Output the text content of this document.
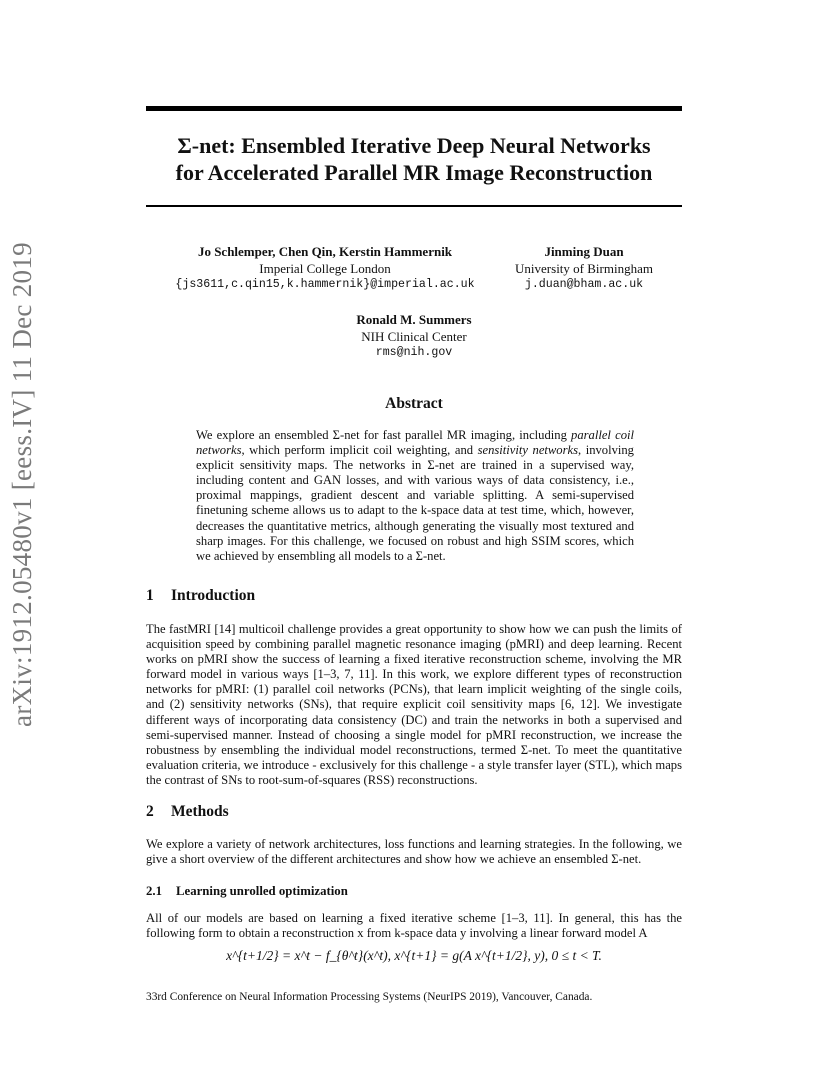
arXiv:1912.05480v1 [eess.IV] 11 Dec 2019
Σ-net: Ensembled Iterative Deep Neural Networks
for Accelerated Parallel MR Image Reconstruction
Jo Schlemper, Chen Qin, Kerstin Hammernik
Imperial College London
{js3611,c.qin15,k.hammernik}@imperial.ac.uk
Jinming Duan
University of Birmingham
j.duan@bham.ac.uk
Ronald M. Summers
NIH Clinical Center
rms@nih.gov
Abstract
We explore an ensembled Σ-net for fast parallel MR imaging, including parallel coil networks, which perform implicit coil weighting, and sensitivity networks, involving explicit sensitivity maps. The networks in Σ-net are trained in a supervised way, including content and GAN losses, and with various ways of data consistency, i.e., proximal mappings, gradient descent and variable splitting. A semi-supervised finetuning scheme allows us to adapt to the k-space data at test time, which, however, decreases the quantitative metrics, although generating the visually most textured and sharp images. For this challenge, we focused on robust and high SSIM scores, which we achieved by ensembling all models to a Σ-net.
1 Introduction

The fastMRI [14] multicoil challenge provides a great opportunity to show how we can push the limits of acquisition speed by combining parallel magnetic resonance imaging (pMRI) and deep learning. Recent works on pMRI show the success of learning a fixed iterative reconstruction scheme, involving the MR forward model in various ways [1–3, 7, 11]. In this work, we explore different types of reconstruction networks for pMRI: (1) parallel coil networks (PCNs), that learn implicit weighting of the single coils, and (2) sensitivity networks (SNs), that require explicit coil sensitivity maps [6, 12]. We investigate different ways of incorporating data consistency (DC) and train the networks in both a supervised and semi-supervised manner. Instead of choosing a single model for pMRI reconstruction, we increase the robustness by ensembling the individual model reconstructions, termed Σ-net. To meet the quantitative evaluation criteria, we introduce - exclusively for this challenge - a style transfer layer (STL), which maps the contrast of SNs to root-sum-of-squares (RSS) reconstructions.

2 Methods

We explore a variety of network architectures, loss functions and learning strategies. In the following, we give a short overview of the different architectures and show how we achieve an ensembled Σ-net.

2.1 Learning unrolled optimization

All of our models are based on learning a fixed iterative scheme [1–3, 11]. In general, this has the following form to obtain a reconstruction x from k-space data y involving a linear forward model A

x^{t+1/2} = x^t − f_{θ^t}(x^t), x^{t+1} = g(A x^{t+1/2}, y), 0 ≤ t < T.
33rd Conference on Neural Information Processing Systems (NeurIPS 2019), Vancouver, Canada.
